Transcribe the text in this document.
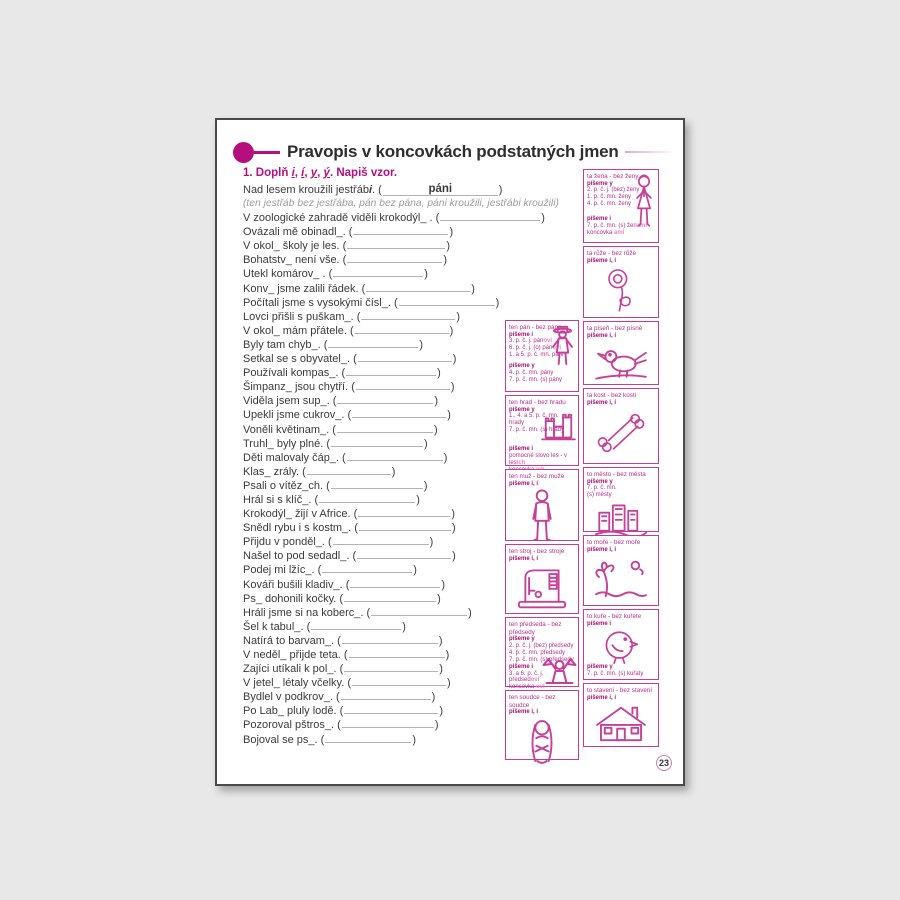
Pravopis v koncovkách podstatných jmen
1. Doplň i, í, y, ý. Napiš vzor.
Nad lesem kroužili jestřábi. (	páni	)
(ten jestřáb bez jestřába, pán bez pána, páni kroužili, jestřábi kroužili)
V zoologické zahradě viděli krokodýl_ . (	)
Ovázali mě obinadl_. (	)
V okol_ školy je les. (	)
Bohatstv_ není vše. (	)
Utekl komárov_ . (	)
Konv_ jsme zalili řádek. (	)
Počítali jsme s vysokými čísl_. (	)
Lovci přišli s puškam_. (	)
V okol_ mám přátele. (	)
Byly tam chyb_. (	)
Setkal se s obyvatel_. (	)
Používali kompas_. (	)
Šimpanz_ jsou chytří. (	)
Viděla jsem sup_. (	)
Upekli jsme cukrov_. (	)
Voněli květinam_. (	)
Truhl_ byly plné. (	)
Děti malovaly čáp_. (	)
Klas_ zrály. (	)
Psali o vítěz_ch. (	)
Hrál si s klíč_. (	)
Krokodýl_ žijí v Africe. (	)
Snědl rybu i s kostm_. (	)
Přijdu v ponděl_. (	)
Našel to pod sedadl_. (	)
Podej mi lžíc_. (	)
Kováři bušili kladiv_. (	)
Ps_ dohonili kočky. (	)
Hráli jsme si na koberc_. (	)
Šel k tabul_. (	)
Natírá to barvam_. (	)
V neděl_ přijde teta. (	)
Zajíci utíkali k pol_. (	)
V jetel_ létaly včelky. (	)
Bydlel v podkrov_. (	)
Po Lab_ pluly lodě. (	)
Pozoroval pštros_. (	)
Bojoval se ps_. (	)
ten pán - bez pána
píšeme i
3. p. č. j. pánovi
6. p. č. j. (o) pánovi
1. a 5. p. č. mn. páni
píšeme y
4. p. č. mn. pány
7. p. č. mn. (s) pány
ten hrad - bez hradu
píšeme y
1., 4. a 5. p. č. mn. hrady
7. p. č. mn. (s) hrady
píšeme i
pomocné slovo les - v lesích
ten muž - bez muže
píšeme i, í
ten stroj - bez stroje
píšeme i, í
ten předseda - bez předsedy
píšeme y
2. p. č. j. (bez) předsedy
4. p. č. mn. předsedy
7. p. č. mn. (s) předsedy
píšeme i
3. a 6. p. č. j.
předsedovi
koncovka ovi
ten soudce - bez soudce
píšeme i, í
ta žena - bez ženy
píšeme y
2. p. č. j. (bez) ženy
1. p. č. mn. ženy
4. p. č. mn. ženy
píšeme i
7. p. č. mn. (s) ženami
koncovka ami
ta růže - bez růže
píšeme i, í
ta píseň - bez písně
píšeme i, í
ta kost - bez kosti
píšeme i, í
to město - bez města
píšeme y
7. p. č. mn.
(s) městy
to moře - bez moře
píšeme i, í
to kuře - bez kuřete
píšeme i
píšeme y
7. p. č. mn. (s) kuřaty
to stavení - bez stavení
píšeme i, í
23
